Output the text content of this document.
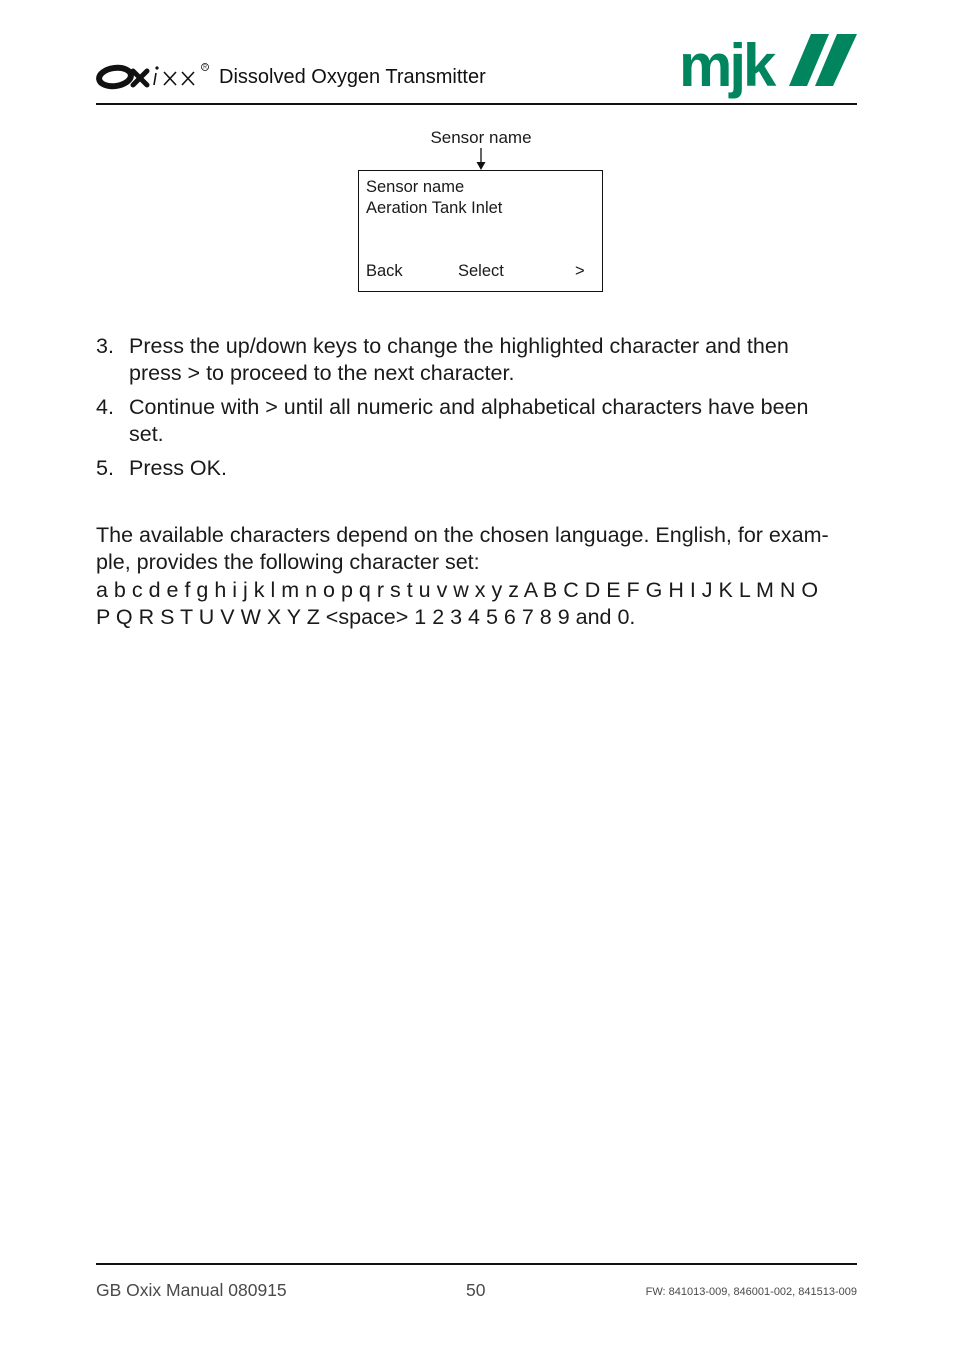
R Dissolved Oxygen Transmitter	mjk
Sensor name
Sensor name
Aeration Tank Inlet
Back	Select	>
3. Press the up/down keys to change the highlighted character and then
press > to proceed to the next character.
4. Continue with > until all numeric and alphabetical characters have been
set.
5. Press OK.
The available characters depend on the chosen language. English, for exam-
ple, provides the following character set:
a b c d e f g h i j k l m n o p q r s t u v w x y z A B C D E F G H I J K L M N O
P Q R S T U V W X Y Z <space> 1 2 3 4 5 6 7 8 9 and 0.
GB Oxix Manual 080915	50	FW: 841013-009, 846001-002, 841513-009
